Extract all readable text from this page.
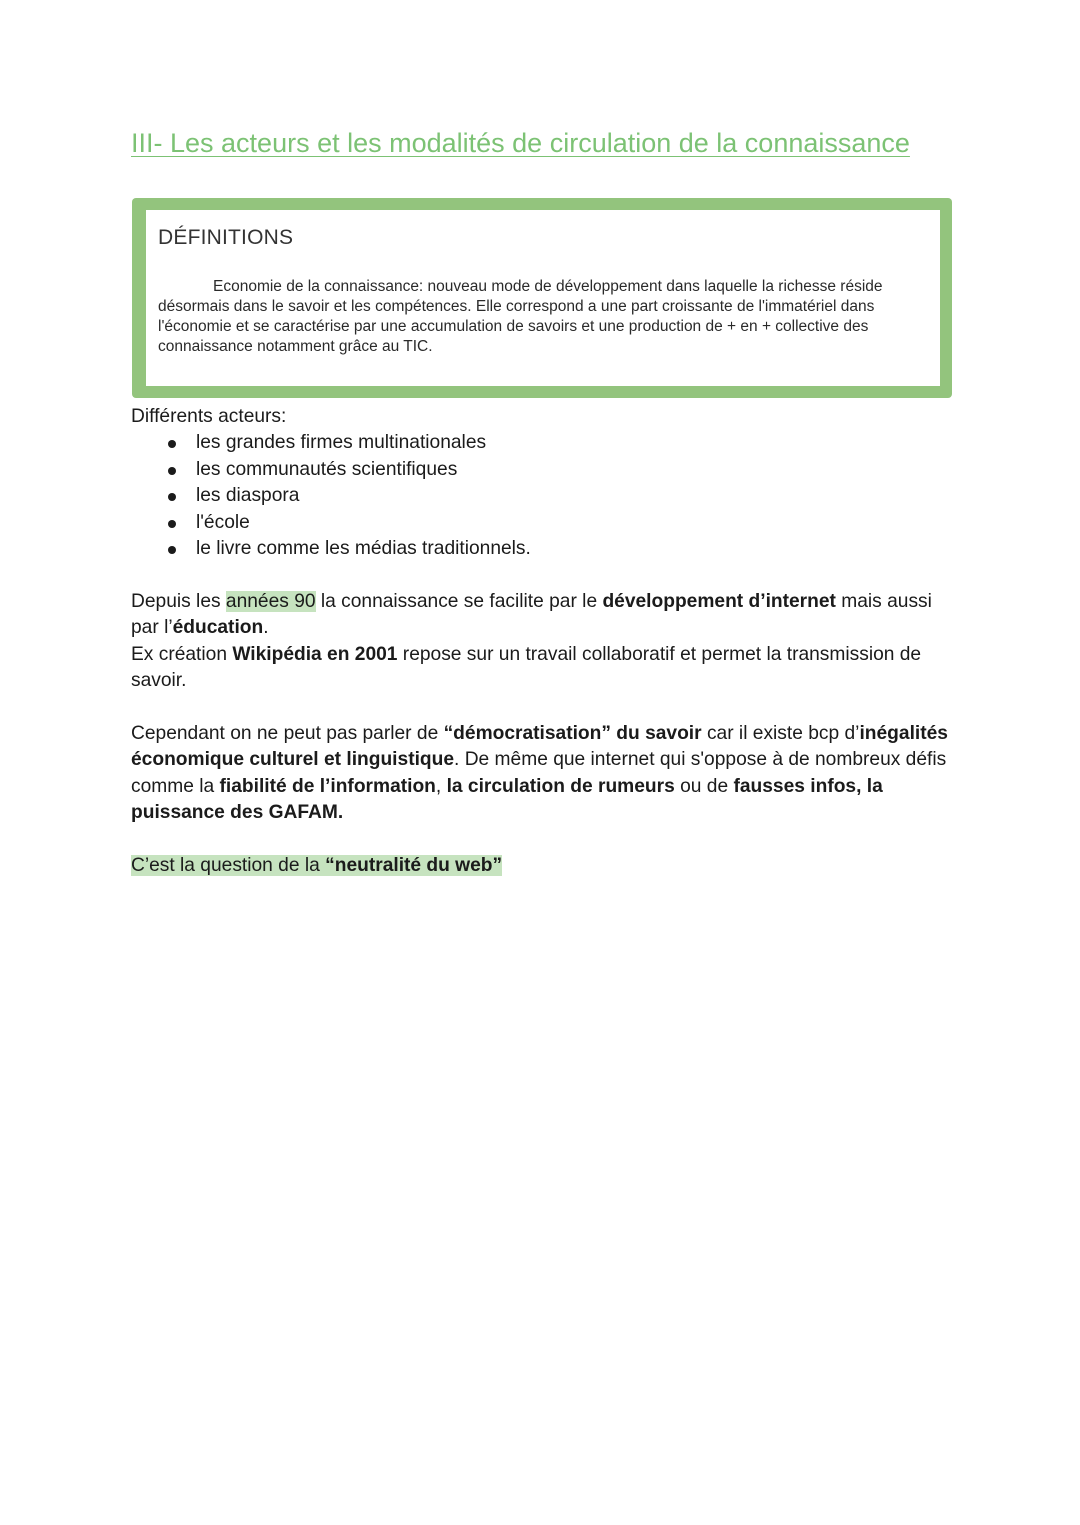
III- Les acteurs et les modalités de circulation de la connaissance

DÉFINITIONS

Economie de la connaissance: nouveau mode de développement dans laquelle la richesse réside désormais dans le savoir et les compétences. Elle correspond a une part croissante de l'immatériel dans l'économie et se caractérise par une accumulation de savoirs et une production de + en + collective des connaissance notamment grâce au TIC.

Différents acteurs:

les grandes firmes multinationales
les communautés scientifiques
les diaspora
l'école
le livre comme les médias traditionnels.

Depuis les années 90 la connaissance se facilite par le développement d’internet mais aussi par l’éducation.

Ex création Wikipédia en 2001 repose sur un travail collaboratif et permet la transmission de savoir.

Cependant on ne peut pas parler de “démocratisation” du savoir car il existe bcp d’inégalités économique culturel et linguistique. De même que internet qui s'oppose à de nombreux défis comme la fiabilité de l’information, la circulation de rumeurs ou de fausses infos, la puissance des GAFAM.

C’est la question de la “neutralité du web”
